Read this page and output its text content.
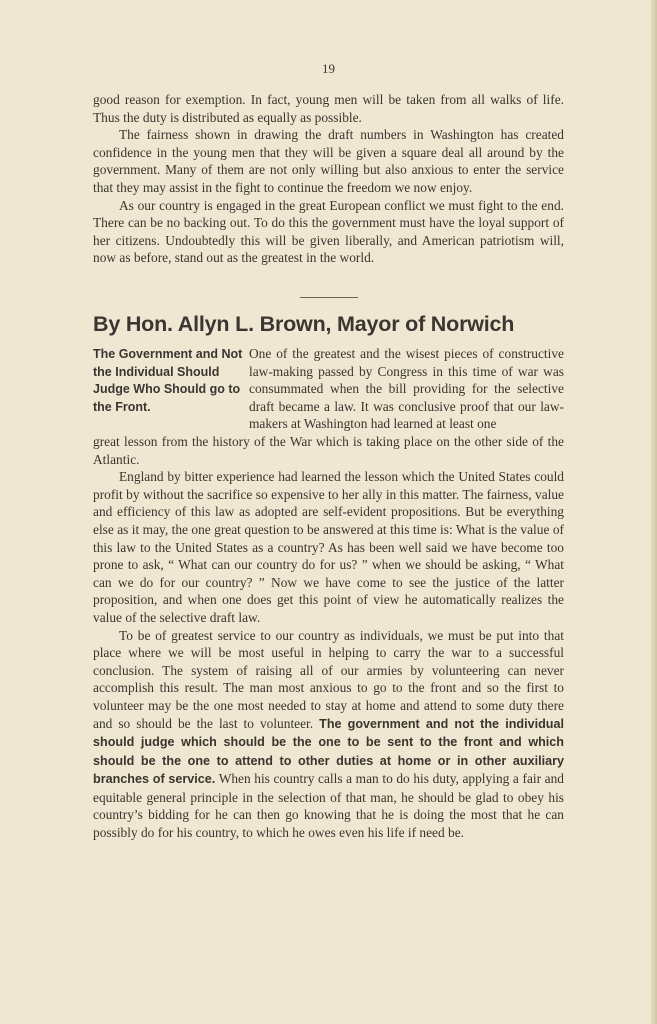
19

good reason for exemption. In fact, young men will be taken from all walks of life. Thus the duty is distributed as equally as possible.

The fairness shown in drawing the draft numbers in Washington has created confidence in the young men that they will be given a square deal all around by the government. Many of them are not only willing but also anxious to enter the service that they may assist in the fight to continue the freedom we now enjoy.

As our country is engaged in the great European conflict we must fight to the end. There can be no backing out. To do this the government must have the loyal support of her citizens. Undoubtedly this will be given liberally, and American patriotism will, now as before, stand out as the greatest in the world.

By Hon. Allyn L. Brown, Mayor of Norwich
The Government and Not the Individual Should Judge Who Should go to the Front.
One of the greatest and the wisest pieces of constructive law-making passed by Congress in this time of war was consummated when the bill providing for the selective draft became a law. It was conclusive proof that our law-makers at Washington had learned at least one

great lesson from the history of the War which is taking place on the other side of the Atlantic.

England by bitter experience had learned the lesson which the United States could profit by without the sacrifice so expensive to her ally in this matter. The fairness, value and efficiency of this law as adopted are self-evident propositions. But be everything else as it may, the one great question to be answered at this time is: What is the value of this law to the United States as a country? As has been well said we have become too prone to ask, “ What can our country do for us? ” when we should be asking, “ What can we do for our country? ” Now we have come to see the justice of the latter proposition, and when one does get this point of view he automatically realizes the value of the selective draft law.

To be of greatest service to our country as individuals, we must be put into that place where we will be most useful in helping to carry the war to a successful conclusion. The system of raising all of our armies by volunteering can never accomplish this result. The man most anxious to go to the front and so the first to volunteer may be the one most needed to stay at home and attend to some duty there and so should be the last to volunteer. The government and not the individual should judge which should be the one to be sent to the front and which should be the one to attend to other duties at home or in other auxiliary branches of service. When his country calls a man to do his duty, applying a fair and equitable general principle in the selection of that man, he should be glad to obey his country’s bidding for he can then go knowing that he is doing the most that he can possibly do for his country, to which he owes even his life if need be.
